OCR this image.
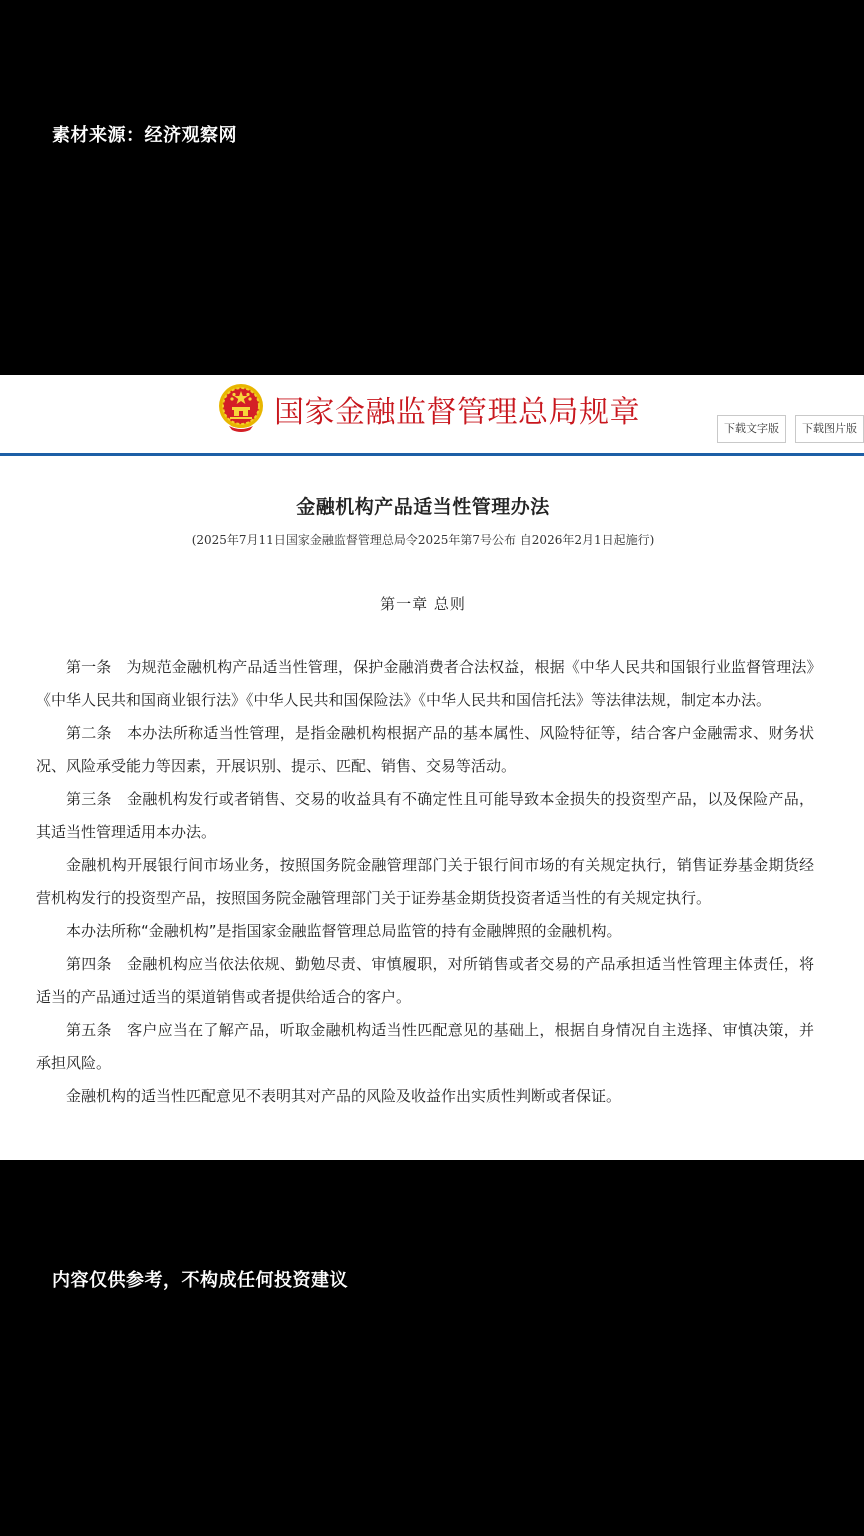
素材来源：经济观察网
国家金融监督管理总局规章	下载文字版	下载图片版
金融机构产品适当性管理办法
(2025年7月11日国家金融监督管理总局令2025年第7号公布 自2026年2月1日起施行)
第一章 总则

第一条　为规范金融机构产品适当性管理，保护金融消费者合法权益，根据《中华人民共和国银行业监督管理法》《中华人民共和国商业银行法》《中华人民共和国保险法》《中华人民共和国信托法》等法律法规，制定本办法。

第二条　本办法所称适当性管理，是指金融机构根据产品的基本属性、风险特征等，结合客户金融需求、财务状况、风险承受能力等因素，开展识别、提示、匹配、销售、交易等活动。

第三条　金融机构发行或者销售、交易的收益具有不确定性且可能导致本金损失的投资型产品，以及保险产品，其适当性管理适用本办法。

金融机构开展银行间市场业务，按照国务院金融管理部门关于银行间市场的有关规定执行，销售证券基金期货经营机构发行的投资型产品，按照国务院金融管理部门关于证券基金期货投资者适当性的有关规定执行。

本办法所称“金融机构”是指国家金融监督管理总局监管的持有金融牌照的金融机构。

第四条　金融机构应当依法依规、勤勉尽责、审慎履职，对所销售或者交易的产品承担适当性管理主体责任，将适当的产品通过适当的渠道销售或者提供给适合的客户。

第五条　客户应当在了解产品，听取金融机构适当性匹配意见的基础上，根据自身情况自主选择、审慎决策，并承担风险。

金融机构的适当性匹配意见不表明其对产品的风险及收益作出实质性判断或者保证。

内容仅供参考，不构成任何投资建议
